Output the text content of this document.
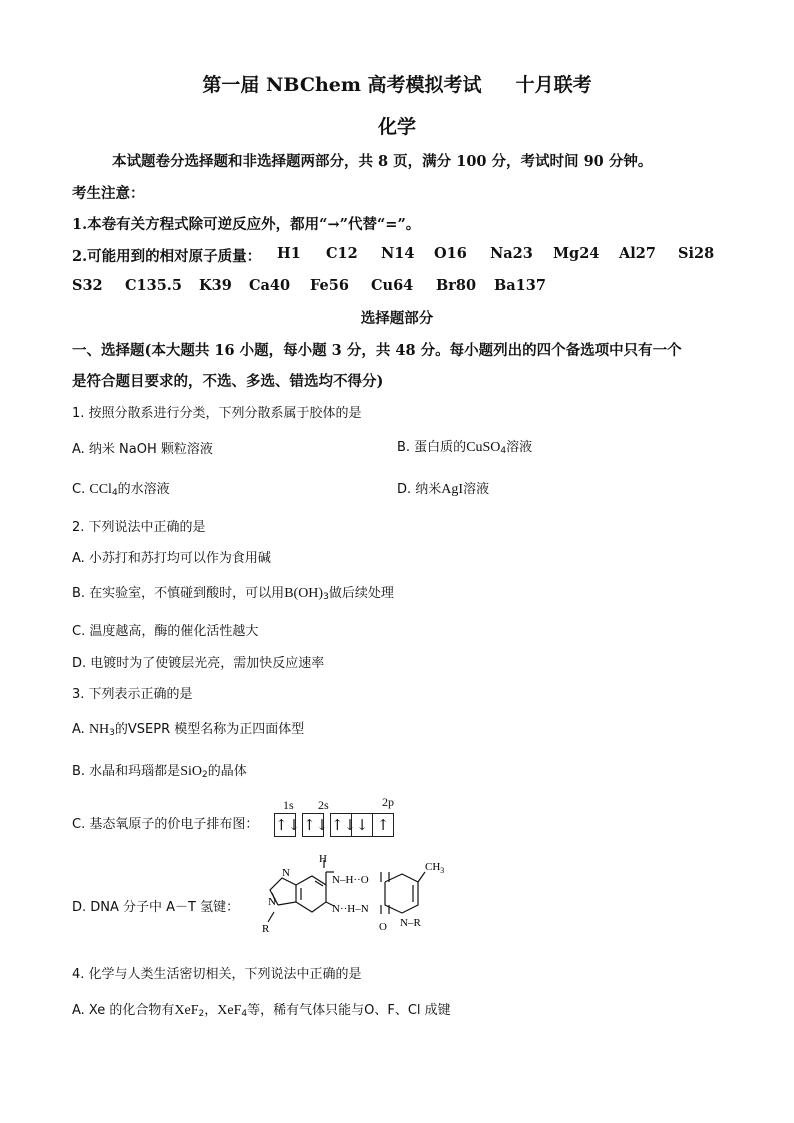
第一届 NBChem 高考模拟考试 十月联考
化学
本试题卷分选择题和非选择题两部分，共 8 页，满分 100 分，考试时间 90 分钟。
考生注意：
1.本卷有关方程式除可逆反应外，都用“→”代替“=”。
2.可能用到的相对原子质量： H1 C12 N14 O16 Na23 Mg24 Al27 Si28
S32 C135.5 K39 Ca40 Fe56 Cu64 Br80 Ba137
选择题部分
一、选择题(本大题共 16 小题，每小题 3 分，共 48 分。每小题列出的四个备选项中只有一个
是符合题目要求的，不选、多选、错选均不得分)
1. 按照分散系进行分类，下列分散系属于胶体的是
A. 纳米 NaOH 颗粒溶液	B. 蛋白质的CuSO$_4$溶液
C. CCl$_4$的水溶液	D. 纳米AgI溶液
2. 下列说法中正确的是
A. 小苏打和苏打均可以作为食用碱
B. 在实验室，不慎碰到酸时，可以用$B(OH)_3$做后续处理
C. 温度越高，酶的催化活性越大
D. 电镀时为了使镀层光亮，需加快反应速率
3. 下列表示正确的是
A. $NH_3$的VSEPR 模型名称为正四面体型
B. 水晶和玛瑙都是SiO$_2$的晶体
C. 基态氧原子的价电子排布图：
1s 2s	2p
↑↓ ↑↓ ↑↓↓ ↑
D. DNA 分子中 A－T 氢键：	N
N
R
H
N–H··O
$CH_3$
N··H–N
N–R
O
4. 化学与人类生活密切相关，下列说法中正确的是
A. Xe 的化合物有XeF$_2$，XeF$_4$等，稀有气体只能与O、F、Cl 成键
